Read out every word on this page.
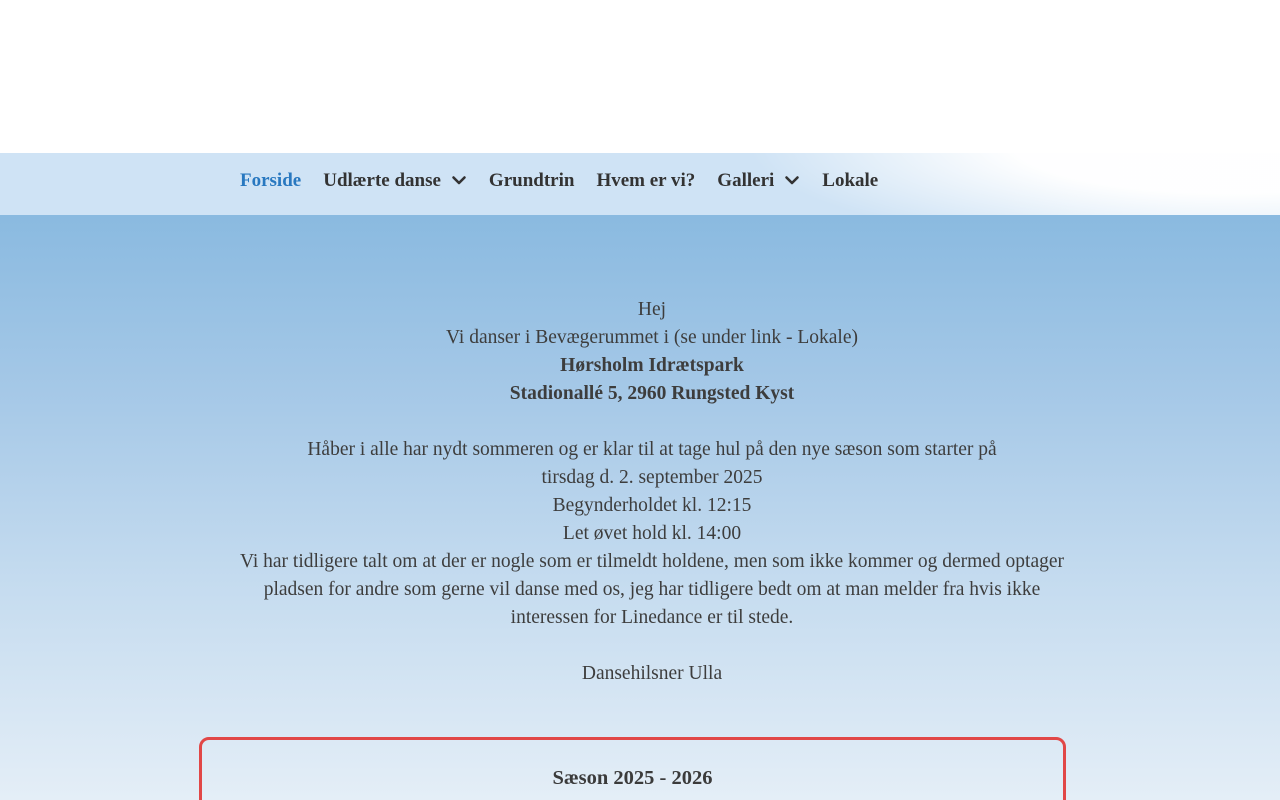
Forside	Udlærte danse	Grundtrin	Hvem er vi?	Galleri	Lokale
Hej
Vi danser i Bevægerummet i (se under link - Lokale)
Hørsholm Idrætspark
Stadionallé 5, 2960 Rungsted Kyst
Håber i alle har nydt sommeren og er klar til at tage hul på den nye sæson som starter på
tirsdag d. 2. september 2025
Begynderholdet kl. 12:15
Let øvet hold kl. 14:00
Vi har tidligere talt om at der er nogle som er tilmeldt holdene, men som ikke kommer og dermed optager
pladsen for andre som gerne vil danse med os, jeg har tidligere bedt om at man melder fra hvis ikke
interessen for Linedance er til stede.
Dansehilsner Ulla
Sæson 2025 - 2026
